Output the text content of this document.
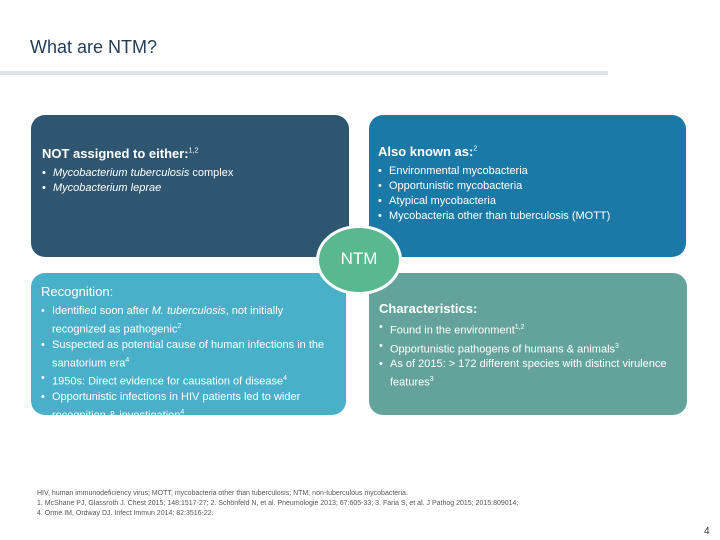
What are NTM?
NOT assigned to either:$^{1,2}$
• Mycobacterium tuberculosis complex
• Mycobacterium leprae
Also known as:$^2$
• Environmental mycobacteria
• Opportunistic mycobacteria
• Atypical mycobacteria
• Mycobacteria other than tuberculosis (MOTT)
Recognition:
• Identified soon after M. tuberculosis, not initially recognized as pathogenic$^2$
• Suspected as potential cause of human infections in the sanatorium era$^4$
• 1950s: Direct evidence for causation of disease$^4$
• Opportunistic infections in HIV patients led to wider recognition & investigation$^4$
Characteristics:
• Found in the environment$^{1,2}$
• Opportunistic pathogens of humans & animals$^3$
• As of 2015: > 172 different species with distinct virulence features$^3$
NTM
HIV, human immunodeficiency virus; MOTT, mycobacteria other than tuberculosis; NTM, non-tuberculous mycobacteria.
1. McShane PJ, Glassroth J. Chest 2015; 148:1517-27; 2. Schönfeld N, et al. Pneumologie 2013; 67:605-33; 3. Faria S, et al. J Pathog 2015; 2015:809014;
4. Orme IM, Ordway DJ. Infect Immun 2014; 82:3516-22.
4
